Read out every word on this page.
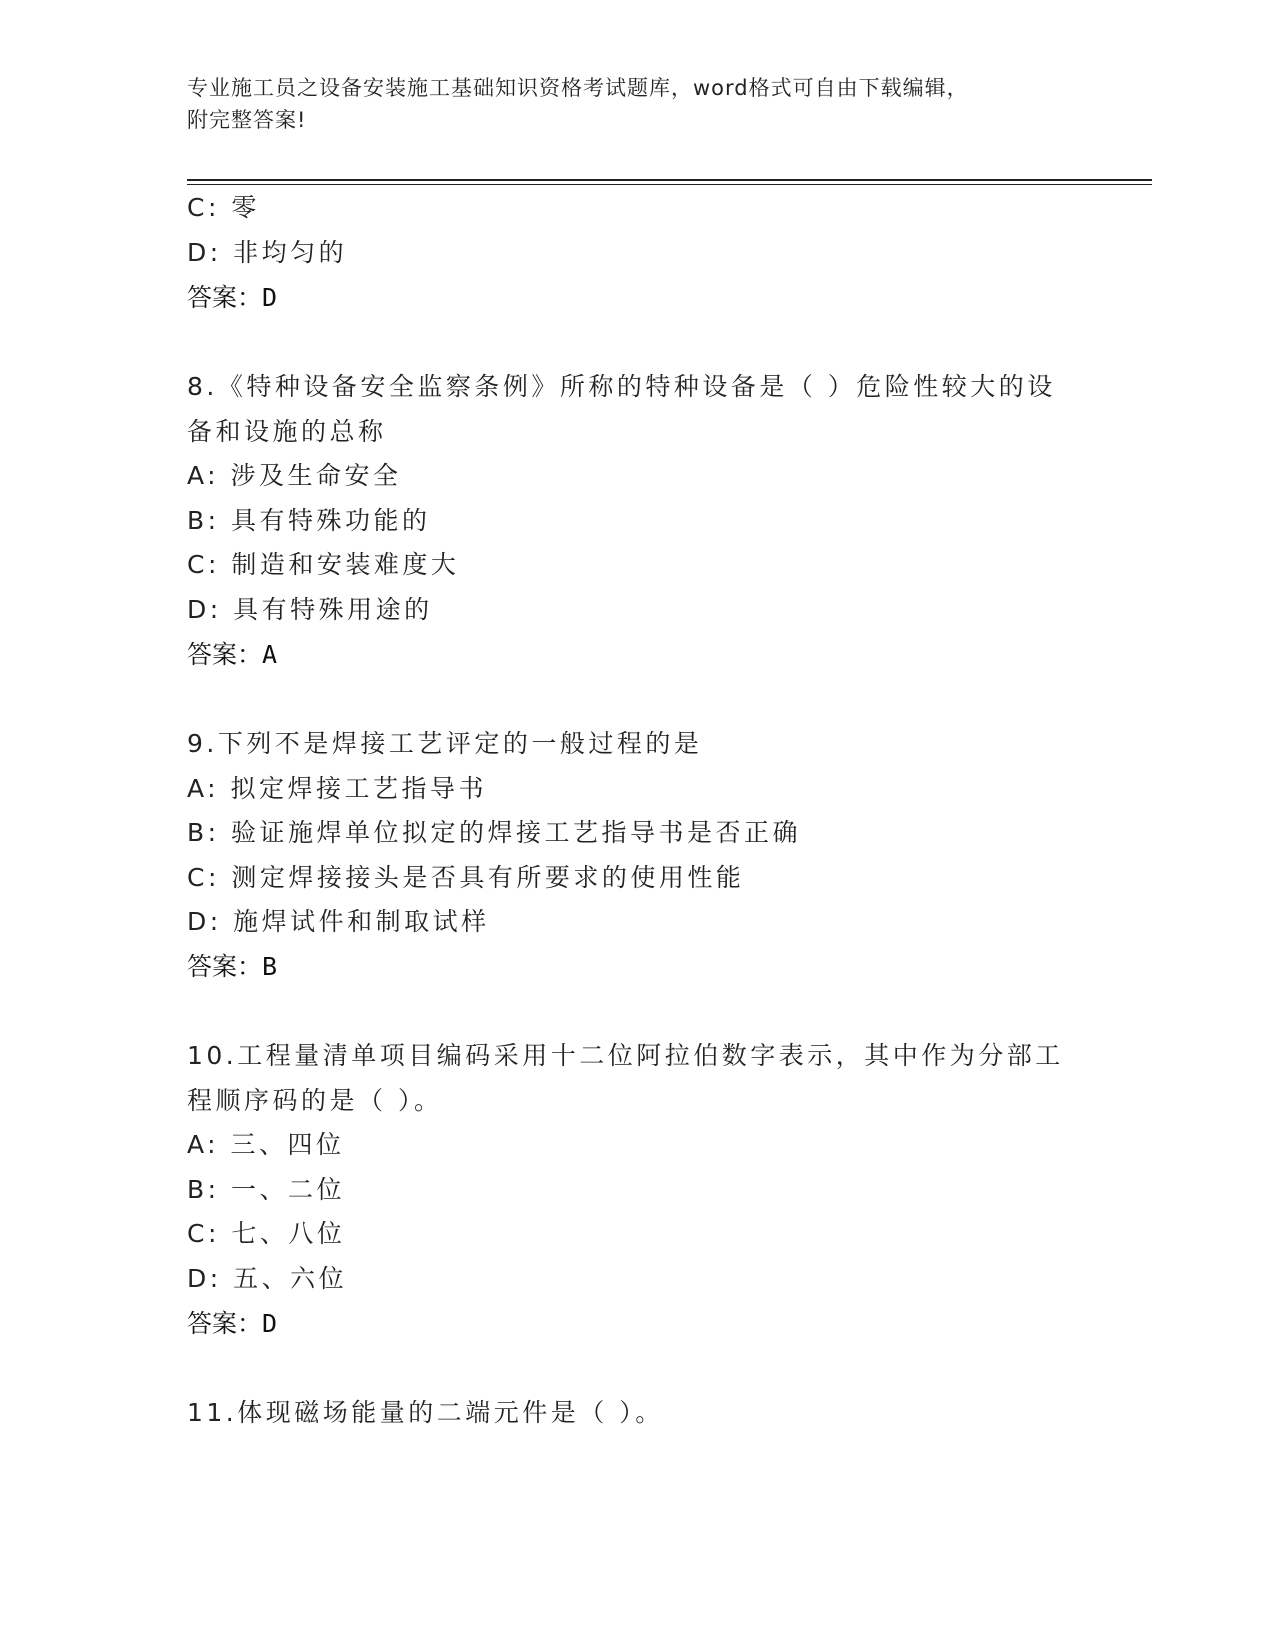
专业施工员之设备安装施工基础知识资格考试题库，word格式可自由下载编辑，
附完整答案!
C: 零
D: 非均匀的
答案：D
8.《特种设备安全监察条例》所称的特种设备是（ ）危险性较大的设
备和设施的总称
A: 涉及生命安全
B: 具有特殊功能的
C: 制造和安装难度大
D: 具有特殊用途的
答案：A
9.下列不是焊接工艺评定的一般过程的是
A: 拟定焊接工艺指导书
B: 验证施焊单位拟定的焊接工艺指导书是否正确
C: 测定焊接接头是否具有所要求的使用性能
D: 施焊试件和制取试样
答案：B
10.工程量清单项目编码采用十二位阿拉伯数字表示，其中作为分部工
程顺序码的是（ ）。
A: 三、四位
B: 一、二位
C: 七、八位
D: 五、六位
答案：D
11.体现磁场能量的二端元件是（ ）。
